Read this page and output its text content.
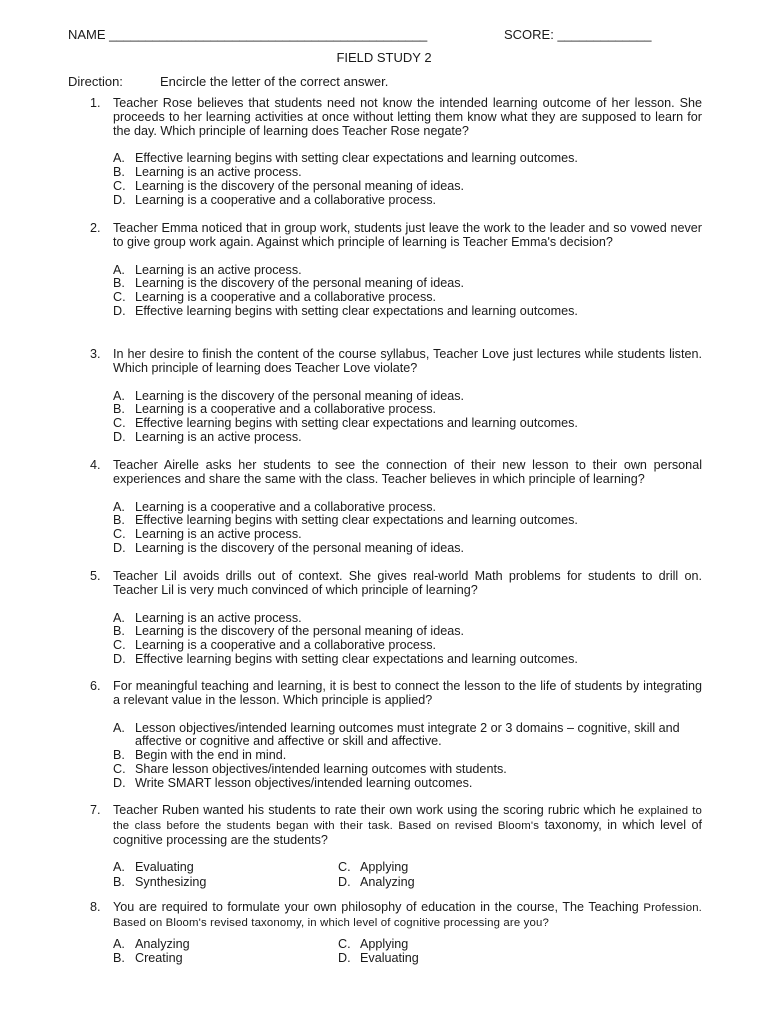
NAME ____________________________________________	SCORE: _____________
FIELD STUDY 2
Direction:	Encircle the letter of the correct answer.
1. Teacher Rose believes that students need not know the intended learning outcome of her lesson. She proceeds to her learning activities at once without letting them know what they are supposed to learn for the day. Which principle of learning does Teacher Rose negate?
A. Effective learning begins with setting clear expectations and learning outcomes.
B. Learning is an active process.
C. Learning is the discovery of the personal meaning of ideas.
D. Learning is a cooperative and a collaborative process.
2. Teacher Emma noticed that in group work, students just leave the work to the leader and so vowed never to give group work again. Against which principle of learning is Teacher Emma's decision?
A. Learning is an active process.
B. Learning is the discovery of the personal meaning of ideas.
C. Learning is a cooperative and a collaborative process.
D. Effective learning begins with setting clear expectations and learning outcomes.
3. In her desire to finish the content of the course syllabus, Teacher Love just lectures while students listen. Which principle of learning does Teacher Love violate?
A. Learning is the discovery of the personal meaning of ideas.
B. Learning is a cooperative and a collaborative process.
C. Effective learning begins with setting clear expectations and learning outcomes.
D. Learning is an active process.
4. Teacher Airelle asks her students to see the connection of their new lesson to their own personal experiences and share the same with the class. Teacher believes in which principle of learning?
A. Learning is a cooperative and a collaborative process.
B. Effective learning begins with setting clear expectations and learning outcomes.
C. Learning is an active process.
D. Learning is the discovery of the personal meaning of ideas.
5. Teacher Lil avoids drills out of context. She gives real-world Math problems for students to drill on. Teacher Lil is very much convinced of which principle of learning?
A. Learning is an active process.
B. Learning is the discovery of the personal meaning of ideas.
C. Learning is a cooperative and a collaborative process.
D. Effective learning begins with setting clear expectations and learning outcomes.
6. For meaningful teaching and learning, it is best to connect the lesson to the life of students by integrating a relevant value in the lesson. Which principle is applied?
A. Lesson objectives/intended learning outcomes must integrate 2 or 3 domains – cognitive, skill and affective or cognitive and affective or skill and affective.
B. Begin with the end in mind.
C. Share lesson objectives/intended learning outcomes with students.
D. Write SMART lesson objectives/intended learning outcomes.
7. Teacher Ruben wanted his students to rate their own work using the scoring rubric which he explained to the class before the students began with their task. Based on revised Bloom's taxonomy, in which level of cognitive processing are the students?
A. Evaluating	C. Applying
B. Synthesizing	D. Analyzing
8. You are required to formulate your own philosophy of education in the course, The Teaching Profession. Based on Bloom's revised taxonomy, in which level of cognitive processing are you?
A. Analyzing	C. Applying
B. Creating	D. Evaluating
